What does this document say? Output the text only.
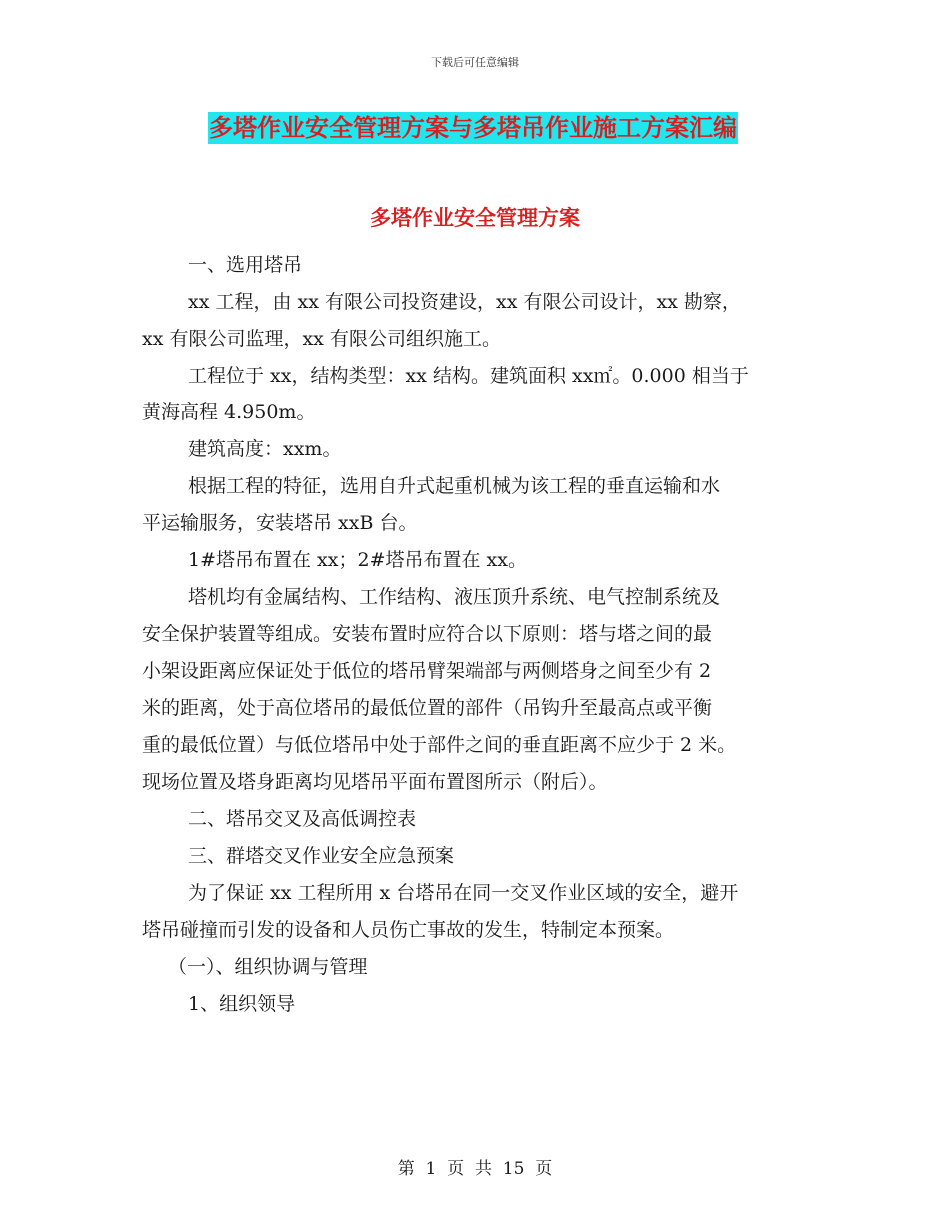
下载后可任意编辑
多塔作业安全管理方案与多塔吊作业施工方案汇编
多塔作业安全管理方案
一、选用塔吊
xx 工程，由 xx 有限公司投资建设，xx 有限公司设计，xx 勘察，
xx 有限公司监理，xx 有限公司组织施工。
工程位于 xx，结构类型：xx 结构。建筑面积 xx㎡。0.000 相当于
黄海高程 4.950m。
建筑高度：xxm。
根据工程的特征，选用自升式起重机械为该工程的垂直运输和水
平运输服务，安装塔吊 xxB 台。
1#塔吊布置在 xx；2#塔吊布置在 xx。
塔机均有金属结构、工作结构、液压顶升系统、电气控制系统及
安全保护装置等组成。安装布置时应符合以下原则：塔与塔之间的最
小架设距离应保证处于低位的塔吊臂架端部与两侧塔身之间至少有 2
米的距离，处于高位塔吊的最低位置的部件（吊钩升至最高点或平衡
重的最低位置）与低位塔吊中处于部件之间的垂直距离不应少于 2 米。
现场位置及塔身距离均见塔吊平面布置图所示（附后）。
二、塔吊交叉及高低调控表
三、群塔交叉作业安全应急预案
为了保证 xx 工程所用 x 台塔吊在同一交叉作业区域的安全，避开
塔吊碰撞而引发的设备和人员伤亡事故的发生，特制定本预案。
（一）、组织协调与管理
1、组织领导
第  1  页  共  15  页
